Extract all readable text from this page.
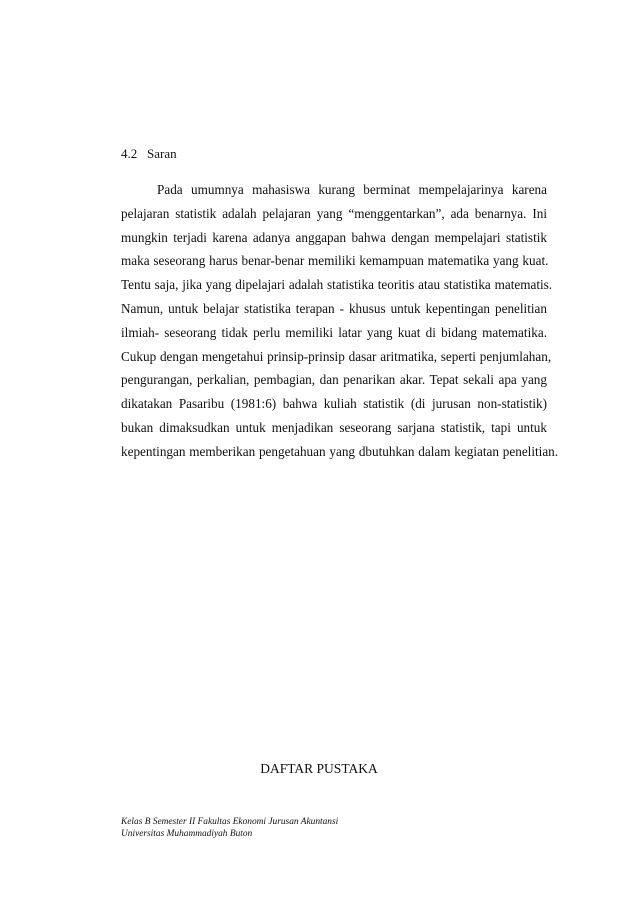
4.2   Saran
Pada umumnya mahasiswa kurang berminat mempelajarinya karena
pelajaran statistik adalah pelajaran yang “menggentarkan”, ada benarnya. Ini
mungkin terjadi karena adanya anggapan bahwa dengan mempelajari statistik
maka seseorang harus benar-benar memiliki kemampuan matematika yang kuat.
Tentu saja, jika yang dipelajari adalah statistika teoritis atau statistika matematis.
Namun, untuk belajar statistika terapan - khusus untuk kepentingan penelitian
ilmiah- seseorang tidak perlu memiliki latar yang kuat di bidang matematika.
Cukup dengan mengetahui prinsip-prinsip dasar aritmatika, seperti penjumlahan,
pengurangan, perkalian, pembagian, dan penarikan akar. Tepat sekali apa yang
dikatakan Pasaribu (1981:6) bahwa kuliah statistik (di jurusan non-statistik)
bukan dimaksudkan untuk menjadikan seseorang sarjana statistik, tapi untuk
kepentingan memberikan pengetahuan yang dbutuhkan dalam kegiatan penelitian.
DAFTAR PUSTAKA
Kelas B Semester II Fakultas Ekonomi Jurusan Akuntansi
Universitas Muhammadiyah Buton
